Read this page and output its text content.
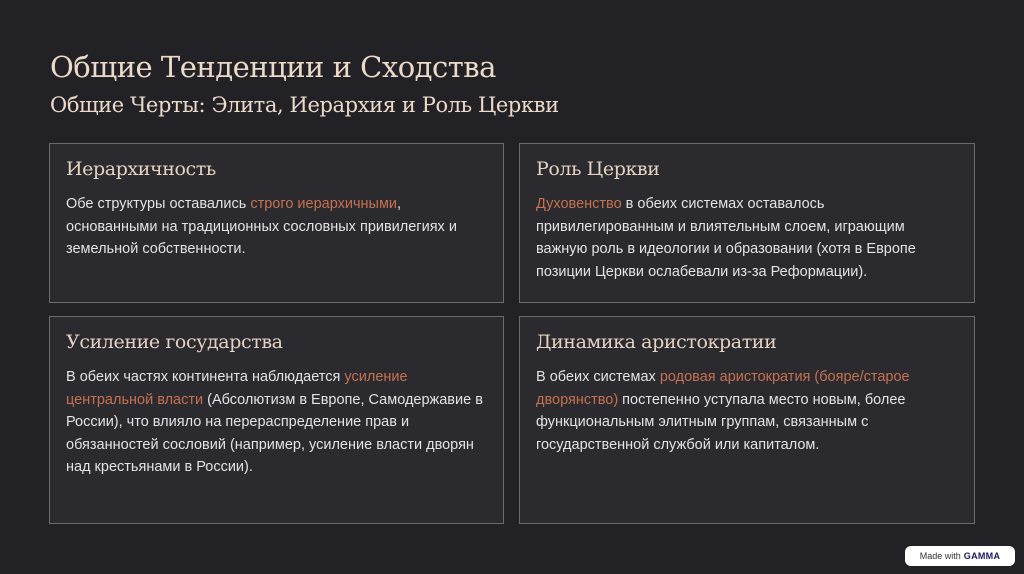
Общие Тенденции и Сходства
Общие Черты: Элита, Иерархия и Роль Церкви
Иерархичность

Обе структуры оставались строго иерархичными, основанными на традиционных сословных привилегиях и земельной собственности.

Роль Церкви

Духовенство в обеих системах оставалось привилегированным и влиятельным слоем, играющим важную роль в идеологии и образовании (хотя в Европе позиции Церкви ослабевали из-за Реформации).

Усиление государства

В обеих частях континента наблюдается усиление центральной власти (Абсолютизм в Европе, Самодержавие в России), что влияло на перераспределение прав и обязанностей сословий (например, усиление власти дворян над крестьянами в России).

Динамика аристократии

В обеих системах родовая аристократия (бояре/старое дворянство) постепенно уступала место новым, более функциональным элитным группам, связанным с государственной службой или капиталом.

Made with GAMMA
